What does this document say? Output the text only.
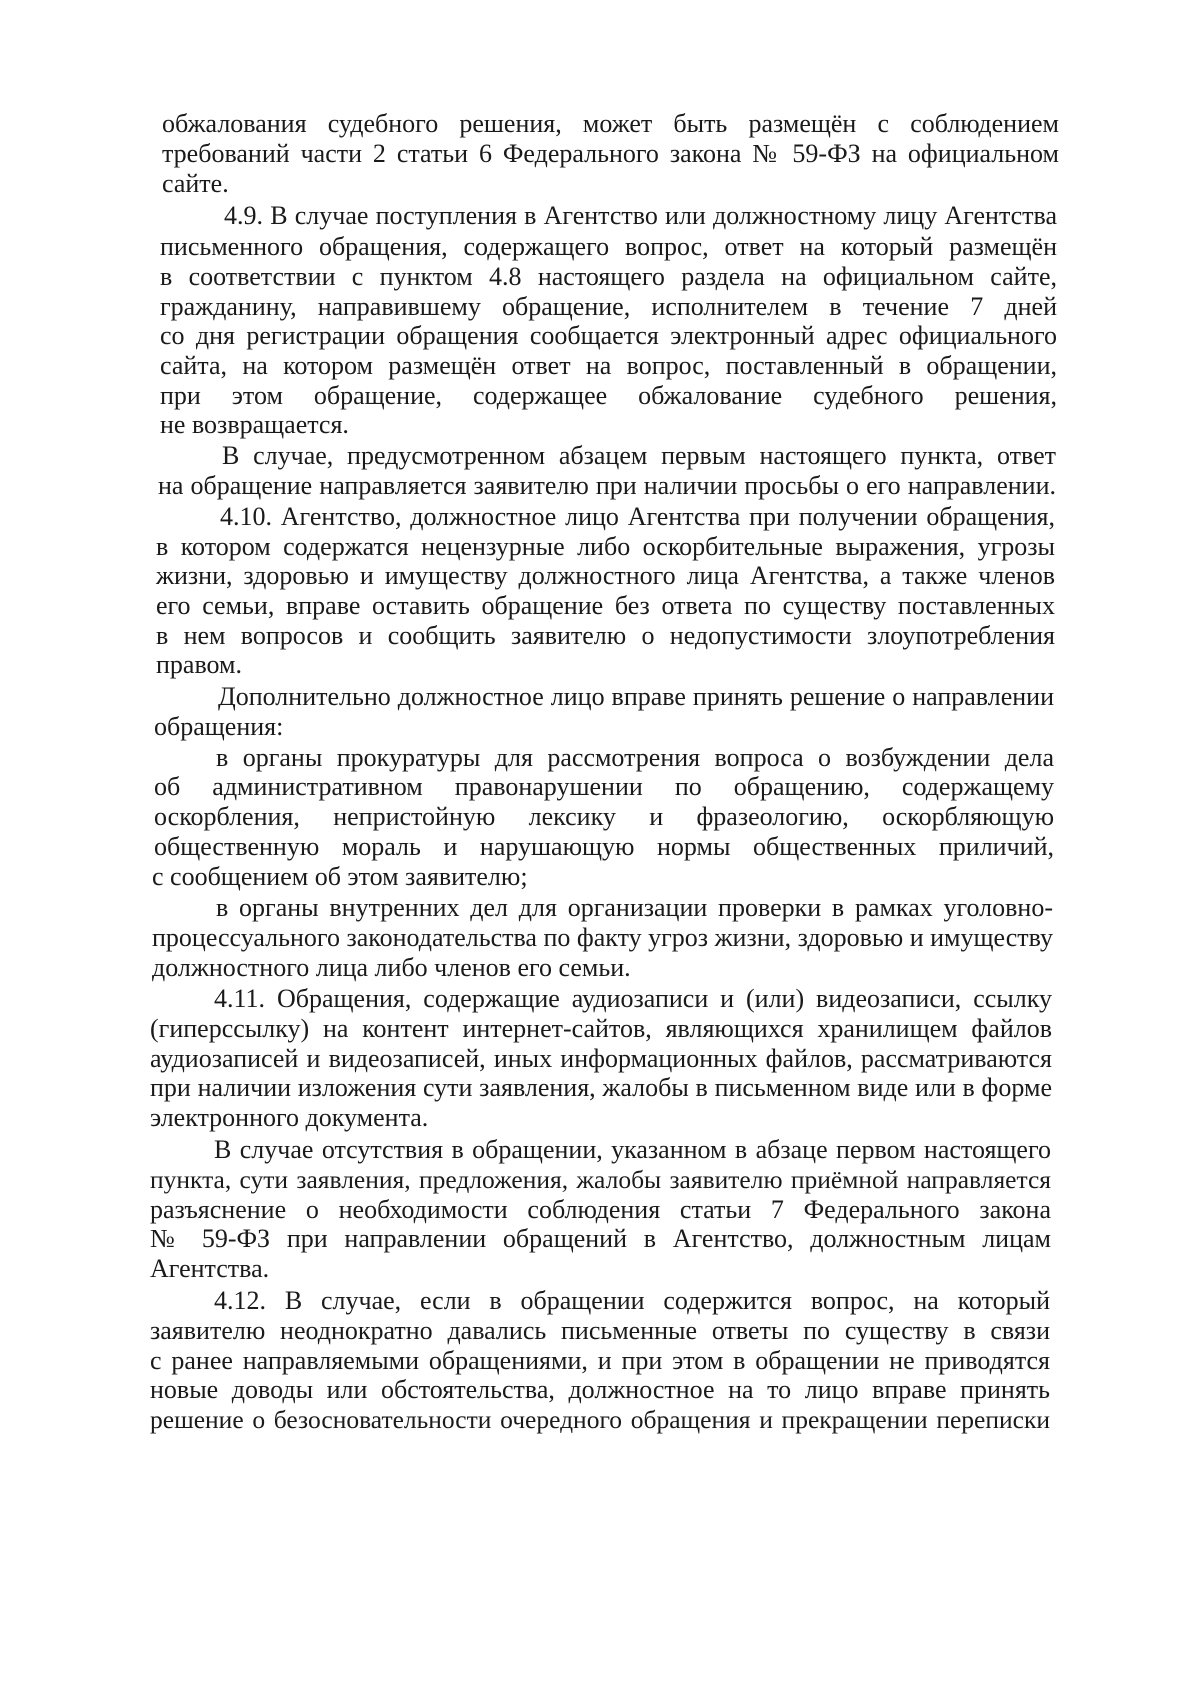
обжалования судебного решения, может быть размещён с соблюдением
требований части 2 статьи 6 Федерального закона № 59-ФЗ на официальном
сайте.
4.9. В случае поступления в Агентство или должностному лицу Агентства
письменного обращения, содержащего вопрос, ответ на который размещён
в соответствии с пунктом 4.8 настоящего раздела на официальном сайте,
гражданину, направившему обращение, исполнителем в течение 7 дней
со дня регистрации обращения сообщается электронный адрес официального
сайта, на котором размещён ответ на вопрос, поставленный в обращении,
при этом обращение, содержащее обжалование судебного решения,
не возвращается.
В случае, предусмотренном абзацем первым настоящего пункта, ответ
на обращение направляется заявителю при наличии просьбы о его направлении.
4.10. Агентство, должностное лицо Агентства при получении обращения,
в котором содержатся нецензурные либо оскорбительные выражения, угрозы
жизни, здоровью и имуществу должностного лица Агентства, а также членов
его семьи, вправе оставить обращение без ответа по существу поставленных
в нем вопросов и сообщить заявителю о недопустимости злоупотребления
правом.
Дополнительно должностное лицо вправе принять решение о направлении
обращения:
в органы прокуратуры для рассмотрения вопроса о возбуждении дела
об административном правонарушении по обращению, содержащему
оскорбления, непристойную лексику и фразеологию, оскорбляющую
общественную мораль и нарушающую нормы общественных приличий,
с сообщением об этом заявителю;
в органы внутренних дел для организации проверки в рамках уголовно-
процессуального законодательства по факту угроз жизни, здоровью и имуществу
должностного лица либо членов его семьи.
4.11. Обращения, содержащие аудиозаписи и (или) видеозаписи, ссылку
(гиперссылку) на контент интернет-сайтов, являющихся хранилищем файлов
аудиозаписей и видеозаписей, иных информационных файлов, рассматриваются
при наличии изложения сути заявления, жалобы в письменном виде или в форме
электронного документа.
В случае отсутствия в обращении, указанном в абзаце первом настоящего
пункта, сути заявления, предложения, жалобы заявителю приёмной направляется
разъяснение о необходимости соблюдения статьи 7 Федерального закона
№ 59-ФЗ при направлении обращений в Агентство, должностным лицам
Агентства.
4.12. В случае, если в обращении содержится вопрос, на который
заявителю неоднократно давались письменные ответы по существу в связи
с ранее направляемыми обращениями, и при этом в обращении не приводятся
новые доводы или обстоятельства, должностное на то лицо вправе принять
решение о безосновательности очередного обращения и прекращении переписки
